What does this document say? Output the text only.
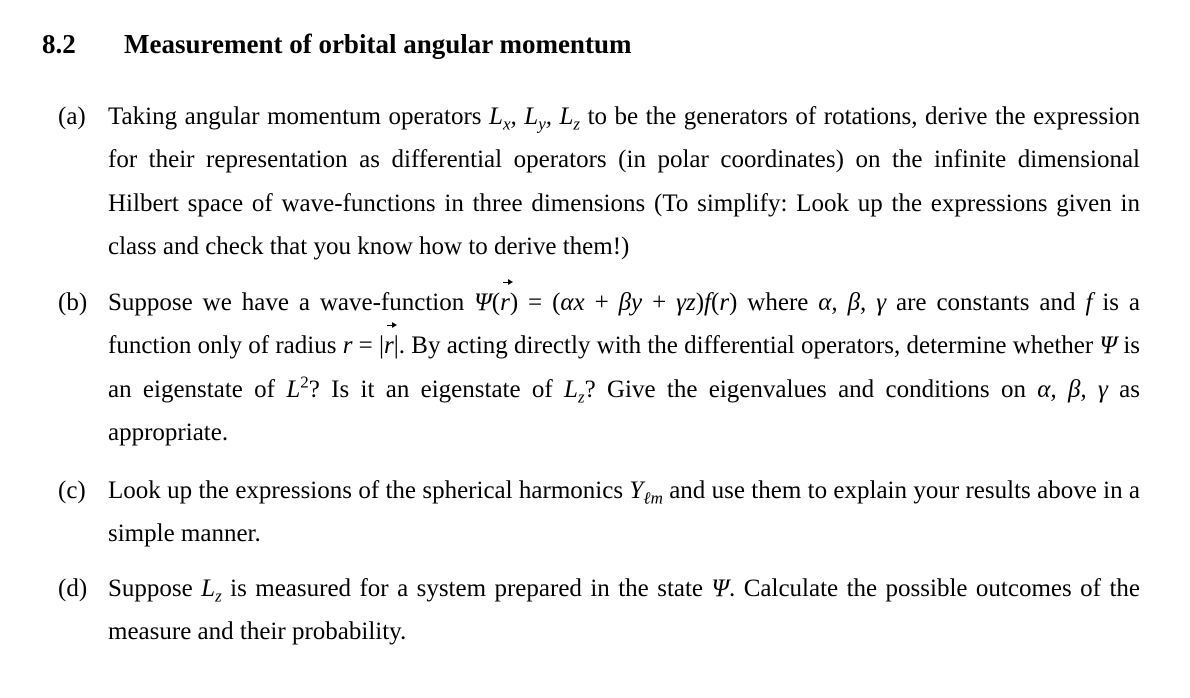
8.2 Measurement of orbital angular momentum
(a) Taking angular momentum operators $L_x$, $L_y$, $L_z$ to be the generators of rotations, derive the expression for their representation as differential operators (in polar coordinates) on the infinite dimensional Hilbert space of wave-functions in three dimensions (To simplify: Look up the expressions given in class and check that you know how to derive them!)
(b) Suppose we have a wave-function Ψ(r) = (αx + βy + γz)f(r) where α, β, γ are constants and f is a function only of radius r = |r|. By acting directly with the differential operators, determine whether Ψ is an eigenstate of $L^2$? Is it an eigenstate of $L_z$? Give the eigenvalues and conditions on α, β, γ as appropriate.
(c) Look up the expressions of the spherical harmonics $Y_{\ell m}$ and use them to explain your results above in a simple manner.
(d) Suppose $L_z$ is measured for a system prepared in the state Ψ. Calculate the possible outcomes of the measure and their probability.
